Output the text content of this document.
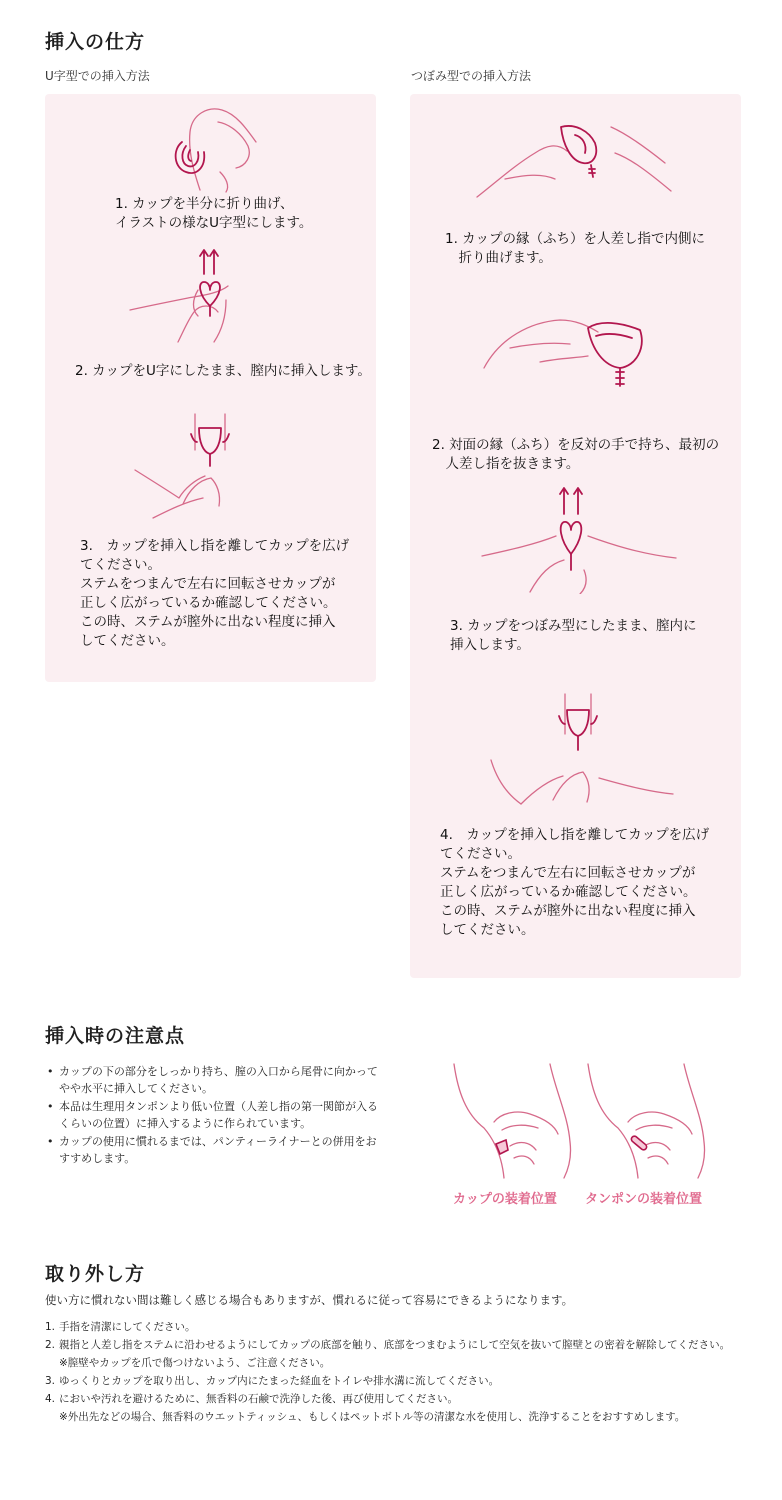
挿入の仕方
U字型での挿入方法	つぼみ型での挿入方法
1. カップを半分に折り曲げ、
イラストの様なU字型にします。
2. カップをU字にしたまま、膣内に挿入します。
3.　カップを挿入し指を離してカップを広げ
てください。
ステムをつまんで左右に回転させカップが
正しく広がっているか確認してください。
この時、ステムが膣外に出ない程度に挿入
してください。
1. カップの縁（ふち）を人差し指で内側に
　折り曲げます。
2. 対面の縁（ふち）を反対の手で持ち、最初の
　人差し指を抜きます。
3. カップをつぼみ型にしたまま、膣内に
挿入します。
4.　カップを挿入し指を離してカップを広げ
てください。
ステムをつまんで左右に回転させカップが
正しく広がっているか確認してください。
この時、ステムが膣外に出ない程度に挿入
してください。
挿入時の注意点
• カップの下の部分をしっかり持ち、膣の入口から尾骨に向かってやや水平に挿入してください。
• 本品は生理用タンポンより低い位置（人差し指の第一関節が入るくらいの位置）に挿入するように作られています。
• カップの使用に慣れるまでは、パンティーライナーとの併用をおすすめします。
カップの装着位置 タンポンの装着位置
取り外し方
使い方に慣れない間は難しく感じる場合もありますが、慣れるに従って容易にできるようになります。
1. 手指を清潔にしてください。
2. 親指と人差し指をステムに沿わせるようにしてカップの底部を触り、底部をつまむようにして空気を抜いて膣壁との密着を解除してください。
※膣壁やカップを爪で傷つけないよう、ご注意ください。
3. ゆっくりとカップを取り出し、カップ内にたまった経血をトイレや排水溝に流してください。
4. においや汚れを避けるために、無香料の石鹸で洗浄した後、再び使用してください。
※外出先などの場合、無香料のウエットティッシュ、もしくはペットボトル等の清潔な水を使用し、洗浄することをおすすめします。
